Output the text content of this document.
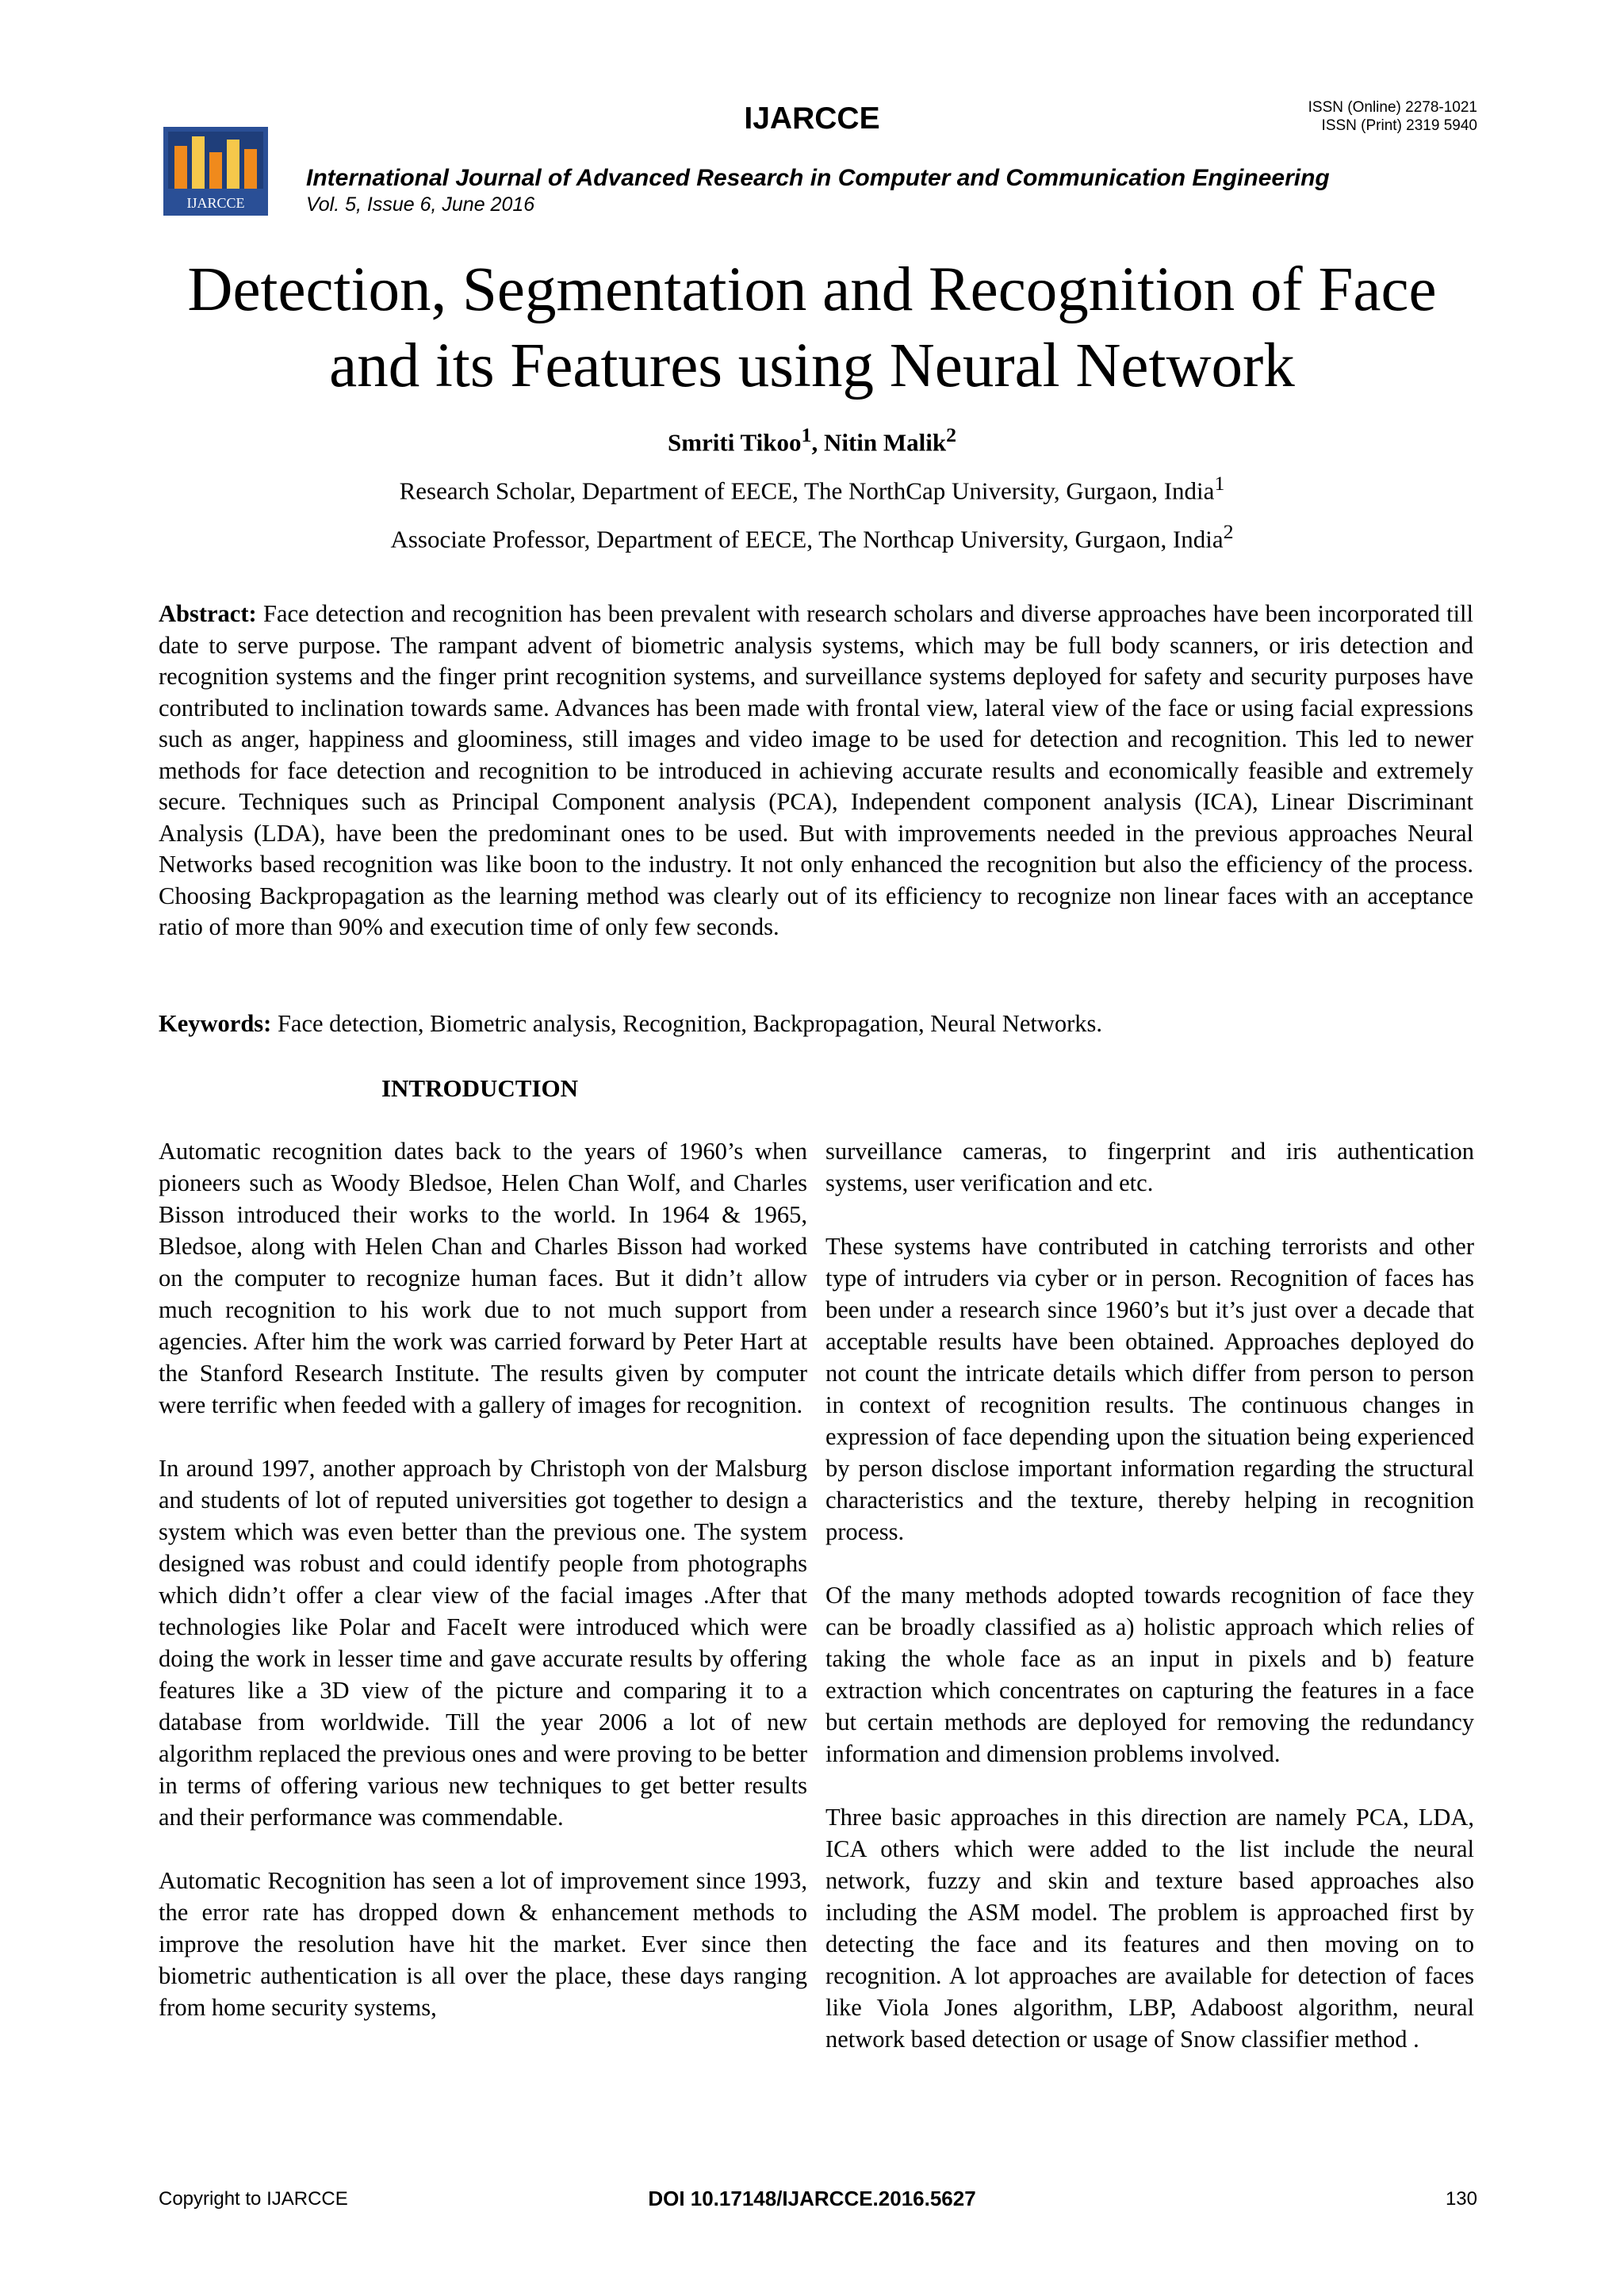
IJARCCE
IJARCCE	ISSN (Online) 2278-1021
ISSN (Print) 2319 5940
International Journal of Advanced Research in Computer and Communication Engineering
Vol. 5, Issue 6, June 2016
Detection, Segmentation and Recognition of Face
and its Features using Neural Network
Smriti Tikoo$^1$, Nitin Malik$^2$
Research Scholar, Department of EECE, The NorthCap University, Gurgaon, India$^1$
Associate Professor, Department of EECE, The Northcap University, Gurgaon, India$^2$
Abstract: Face detection and recognition has been prevalent with research scholars and diverse approaches have been incorporated till date to serve purpose. The rampant advent of biometric analysis systems, which may be full body scanners, or iris detection and recognition systems and the finger print recognition systems, and surveillance systems deployed for safety and security purposes have contributed to inclination towards same. Advances has been made with frontal view, lateral view of the face or using facial expressions such as anger, happiness and gloominess, still images and video image to be used for detection and recognition. This led to newer methods for face detection and recognition to be introduced in achieving accurate results and economically feasible and extremely secure. Techniques such as Principal Component analysis (PCA), Independent component analysis (ICA), Linear Discriminant Analysis (LDA), have been the predominant ones to be used. But with improvements needed in the previous approaches Neural Networks based recognition was like boon to the industry. It not only enhanced the recognition but also the efficiency of the process. Choosing Backpropagation as the learning method was clearly out of its efficiency to recognize non linear faces with an acceptance ratio of more than 90% and execution time of only few seconds.
Keywords: Face detection, Biometric analysis, Recognition, Backpropagation, Neural Networks.
INTRODUCTION

Automatic recognition dates back to the years of 1960’s when pioneers such as Woody Bledsoe, Helen Chan Wolf, and Charles Bisson introduced their works to the world. In 1964 & 1965, Bledsoe, along with Helen Chan and Charles Bisson had worked on the computer to recognize human faces. But it didn’t allow much recognition to his work due to not much support from agencies. After him the work was carried forward by Peter Hart at the Stanford Research Institute. The results given by computer were terrific when feeded with a gallery of images for recognition.

In around 1997, another approach by Christoph von der Malsburg and students of lot of reputed universities got together to design a system which was even better than the previous one. The system designed was robust and could identify people from photographs which didn’t offer a clear view of the facial images .After that technologies like Polar and FaceIt were introduced which were doing the work in lesser time and gave accurate results by offering features like a 3D view of the picture and comparing it to a database from worldwide. Till the year 2006 a lot of new algorithm replaced the previous ones and were proving to be better in terms of offering various new techniques to get better results and their performance was commendable.

Automatic Recognition has seen a lot of improvement since 1993, the error rate has dropped down & enhancement methods to improve the resolution have hit the market. Ever since then biometric authentication is all over the place, these days ranging from home security systems,

surveillance cameras, to fingerprint and iris authentication systems, user verification and etc.

These systems have contributed in catching terrorists and other type of intruders via cyber or in person. Recognition of faces has been under a research since 1960’s but it’s just over a decade that acceptable results have been obtained. Approaches deployed do not count the intricate details which differ from person to person in context of recognition results. The continuous changes in expression of face depending upon the situation being experienced by person disclose important information regarding the structural characteristics and the texture, thereby helping in recognition process.

Of the many methods adopted towards recognition of face they can be broadly classified as a) holistic approach which relies of taking the whole face as an input in pixels and b) feature extraction which concentrates on capturing the features in a face but certain methods are deployed for removing the redundancy information and dimension problems involved.

Three basic approaches in this direction are namely PCA, LDA, ICA others which were added to the list include the neural network, fuzzy and skin and texture based approaches also including the ASM model. The problem is approached first by detecting the face and its features and then moving on to recognition. A lot approaches are available for detection of faces like Viola Jones algorithm, LBP, Adaboost algorithm, neural network based detection or usage of Snow classifier method .

Copyright to IJARCCE	DOI 10.17148/IJARCCE.2016.5627	130
